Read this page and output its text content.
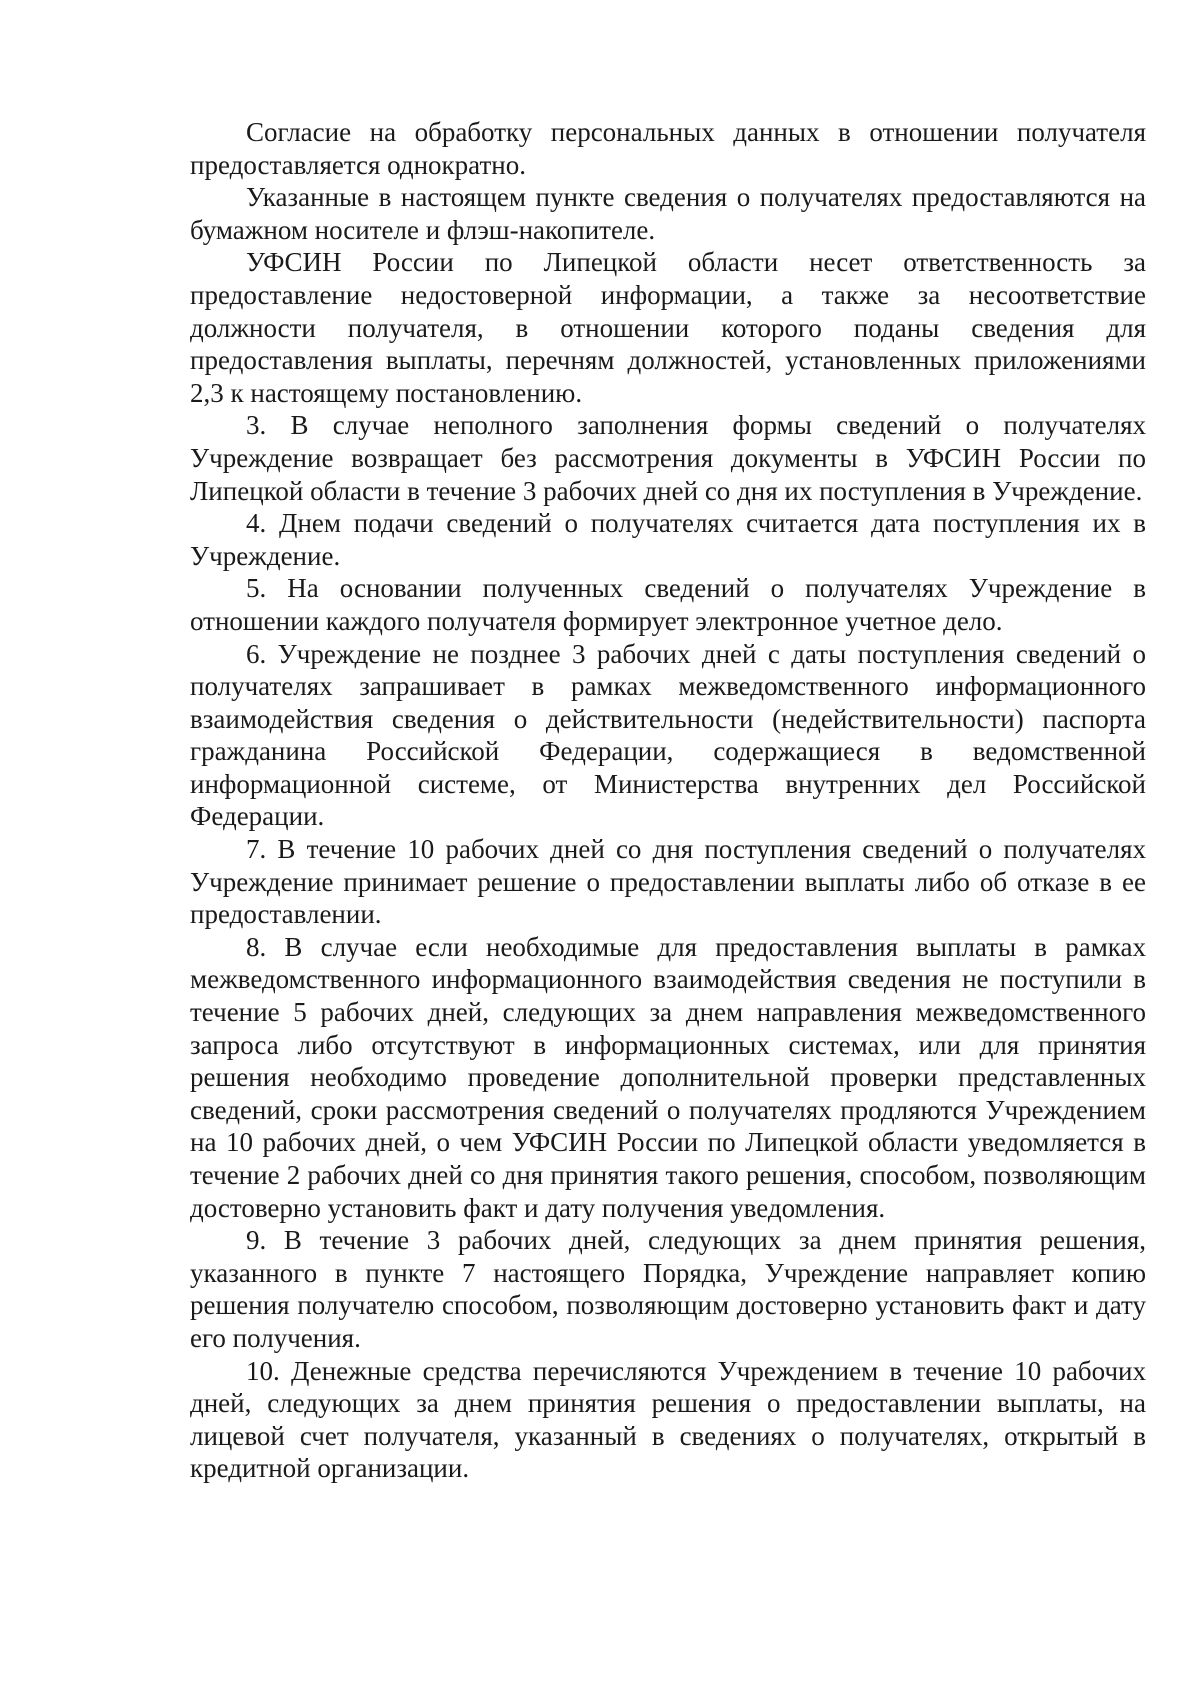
Согласие на обработку персональных данных в отношении получателя предоставляется однократно.

Указанные в настоящем пункте сведения о получателях предоставляются на бумажном носителе и флэш-накопителе.

УФСИН России по Липецкой области несет ответственность за предоставление недостоверной информации, а также за несоответствие должности получателя, в отношении которого поданы сведения для предоставления выплаты, перечням должностей, установленных приложениями 2,3 к настоящему постановлению.

3. В случае неполного заполнения формы сведений о получателях Учреждение возвращает без рассмотрения документы в УФСИН России по Липецкой области в течение 3 рабочих дней со дня их поступления в Учреждение.

4. Днем подачи сведений о получателях считается дата поступления их в Учреждение.

5. На основании полученных сведений о получателях Учреждение в отношении каждого получателя формирует электронное учетное дело.

6. Учреждение не позднее 3 рабочих дней с даты поступления сведений о получателях запрашивает в рамках межведомственного информационного взаимодействия сведения о действительности (недействительности) паспорта гражданина Российской Федерации, содержащиеся в ведомственной информационной системе, от Министерства внутренних дел Российской Федерации.

7. В течение 10 рабочих дней со дня поступления сведений о получателях Учреждение принимает решение о предоставлении выплаты либо об отказе в ее предоставлении.

8. В случае если необходимые для предоставления выплаты в рамках межведомственного информационного взаимодействия сведения не поступили в течение 5 рабочих дней, следующих за днем направления межведомственного запроса либо отсутствуют в информационных системах, или для принятия решения необходимо проведение дополнительной проверки представленных сведений, сроки рассмотрения сведений о получателях продляются Учреждением на 10 рабочих дней, о чем УФСИН России по Липецкой области уведомляется в течение 2 рабочих дней со дня принятия такого решения, способом, позволяющим достоверно установить факт и дату получения уведомления.

9. В течение 3 рабочих дней, следующих за днем принятия решения, указанного в пункте 7 настоящего Порядка, Учреждение направляет копию решения получателю способом, позволяющим достоверно установить факт и дату его получения.

10. Денежные средства перечисляются Учреждением в течение 10 рабочих дней, следующих за днем принятия решения о предоставлении выплаты, на лицевой счет получателя, указанный в сведениях о получателях, открытый в кредитной организации.
